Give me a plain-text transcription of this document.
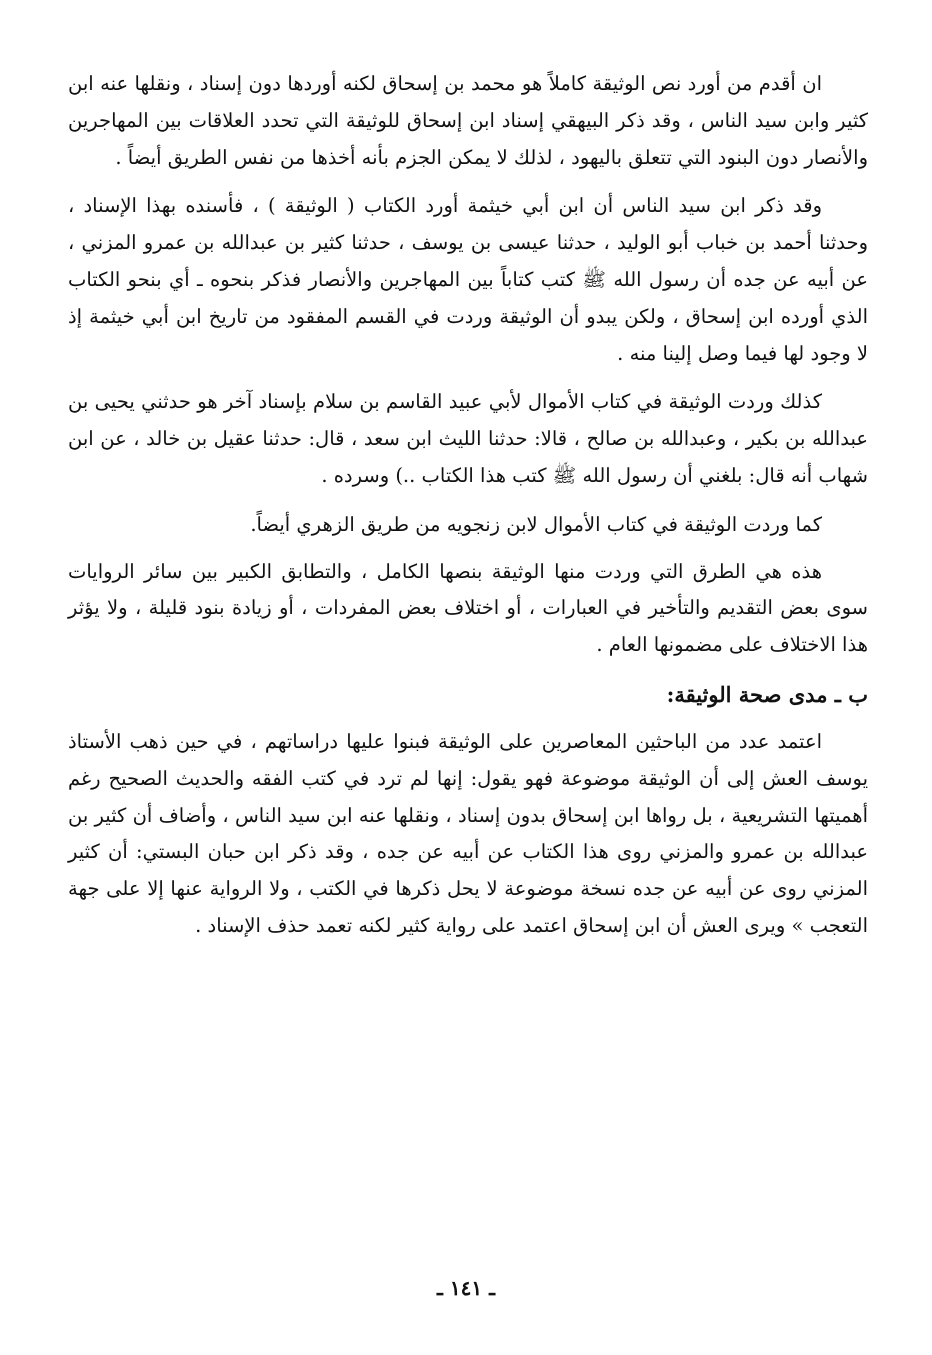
ان أقدم من أورد نص الوثيقة كاملاً هو محمد بن إسحاق لكنه أوردها دون إسناد ، ونقلها عنه ابن كثير وابن سيد الناس ، وقد ذكر البيهقي إسناد ابن إسحاق للوثيقة التي تحدد العلاقات بين المهاجرين والأنصار دون البنود التي تتعلق باليهود ، لذلك لا يمكن الجزم بأنه أخذها من نفس الطريق أيضاً .

وقد ذكر ابن سيد الناس أن ابن أبي خيثمة أورد الكتاب ( الوثيقة ) ، فأسنده بهذا الإسناد ، وحدثنا أحمد بن خباب أبو الوليد ، حدثنا عيسى بن يوسف ، حدثنا كثير بن عبدالله بن عمرو المزني ، عن أبيه عن جده أن رسول الله ﷺ كتب كتاباً بين المهاجرين والأنصار فذكر بنحوه ـ أي بنحو الكتاب الذي أورده ابن إسحاق ، ولكن يبدو أن الوثيقة وردت في القسم المفقود من تاريخ ابن أبي خيثمة إذ لا وجود لها فيما وصل إلينا منه .

كذلك وردت الوثيقة في كتاب الأموال لأبي عبيد القاسم بن سلام بإسناد آخر هو حدثني يحيى بن عبدالله بن بكير ، وعبدالله بن صالح ، قالا: حدثنا الليث ابن سعد ، قال: حدثنا عقيل بن خالد ، عن ابن شهاب أنه قال: بلغني أن رسول الله ﷺ كتب هذا الكتاب ..) وسرده .

كما وردت الوثيقة في كتاب الأموال لابن زنجويه من طريق الزهري أيضاً.

هذه هي الطرق التي وردت منها الوثيقة بنصها الكامل ، والتطابق الكبير بين سائر الروايات سوى بعض التقديم والتأخير في العبارات ، أو اختلاف بعض المفردات ، أو زيادة بنود قليلة ، ولا يؤثر هذا الاختلاف على مضمونها العام .

ب ـ مدى صحة الوثيقة:

اعتمد عدد من الباحثين المعاصرين على الوثيقة فبنوا عليها دراساتهم ، في حين ذهب الأستاذ يوسف العش إلى أن الوثيقة موضوعة فهو يقول: إنها لم ترد في كتب الفقه والحديث الصحيح رغم أهميتها التشريعية ، بل رواها ابن إسحاق بدون إسناد ، ونقلها عنه ابن سيد الناس ، وأضاف أن كثير بن عبدالله بن عمرو والمزني روى هذا الكتاب عن أبيه عن جده ، وقد ذكر ابن حبان البستي: أن كثير المزني روى عن أبيه عن جده نسخة موضوعة لا يحل ذكرها في الكتب ، ولا الرواية عنها إلا على جهة التعجب » ويرى العش أن ابن إسحاق اعتمد على رواية كثير لكنه تعمد حذف الإسناد .

ـ ١٤١ ـ
